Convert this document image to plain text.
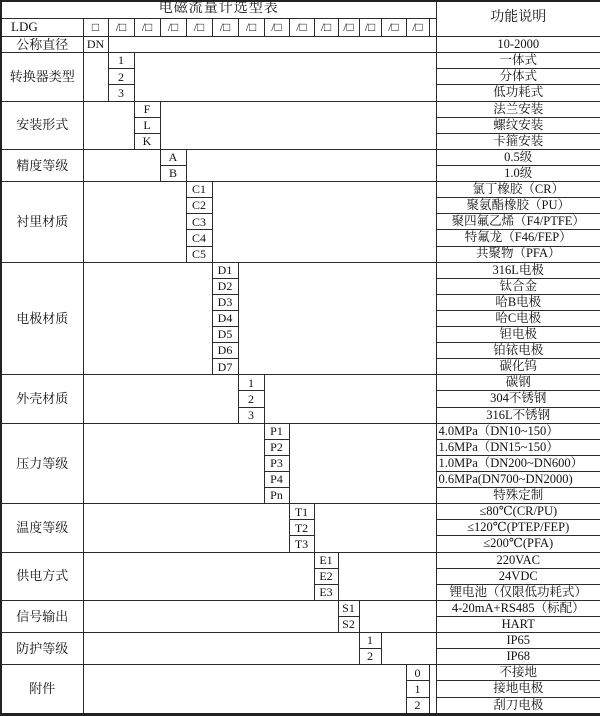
电磁流量计选型表																功能说明
LDG	□	/□	/□	/□	/□	/□	/□	/□	/□	/□	/□	/□	/□	/□		
公称直径	DN															10-2000
转换器类型		1														一体式
		2														分体式
		3														低功耗式
安装形式			F													法兰安装
			L													螺纹安装
			K													卡箍安装
精度等级				A												0.5级
				B												1.0级
衬里材质					C1											氯丁橡胶（CR）
					C2											聚氨酯橡胶（PU）
					C3											聚四氟乙烯（F4/PTFE）
					C4											特氟龙（F46/FEP）
					C5											共聚物（PFA）
电极材质						D1										316L电极
						D2										钛合金
						D3										哈B电极
						D4										哈C电极
						D5										钽电极
						D6										铂铱电极
						D7										碳化钨
外壳材质							1									碳钢
							2									304不锈钢
							3									316L不锈钢
压力等级								P1								4.0MPa（DN10~150）
								P2								1.6MPa（DN15~150）
								P3								1.0MPa（DN200~DN600）
								P4								0.6MPa(DN700~DN2000)
								Pn								特殊定制
温度等级									T1							≤80℃(CR/PU)
									T2							≤120℃(PTEP/FEP)
									T3							≤200℃(PFA)
供电方式										E1						220VAC
										E2						24VDC
										E3						锂电池（仅限低功耗式）
信号输出											S1					4-20mA+RS485（标配）
											S2					HART
防护等级												1				IP65
												2				IP68
附件														0		不接地
														1		接地电极
														2		刮刀电极
